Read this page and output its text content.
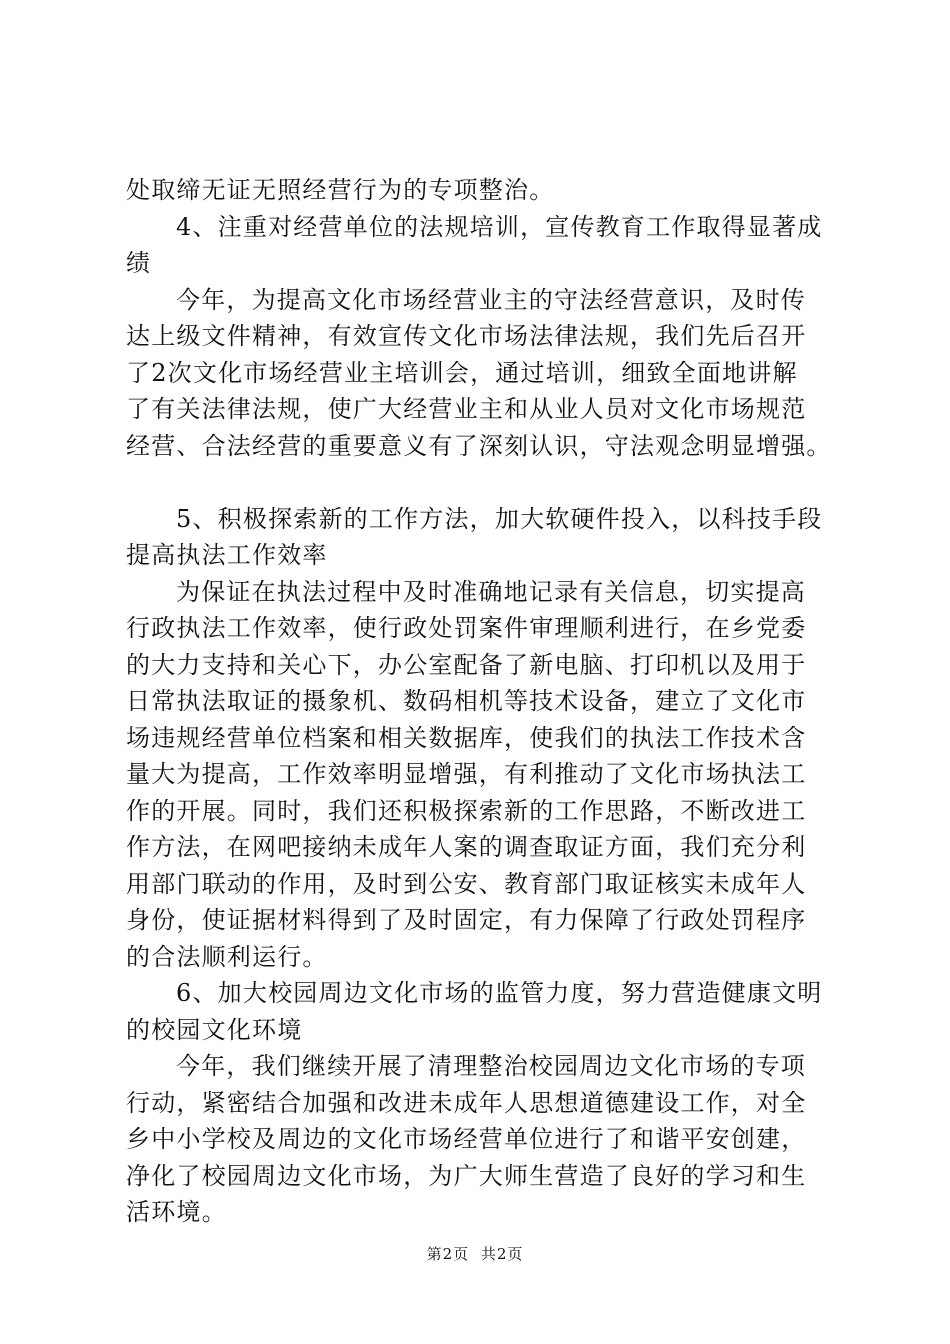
处取缔无证无照经营行为的专项整治。
4、注重对经营单位的法规培训，宣传教育工作取得显著成
绩
今年，为提高文化市场经营业主的守法经营意识，及时传
达上级文件精神，有效宣传文化市场法律法规，我们先后召开
了2次文化市场经营业主培训会，通过培训，细致全面地讲解
了有关法律法规，使广大经营业主和从业人员对文化市场规范
经营、合法经营的重要意义有了深刻认识，守法观念明显增强。
5、积极探索新的工作方法，加大软硬件投入，以科技手段
提高执法工作效率
为保证在执法过程中及时准确地记录有关信息，切实提高
行政执法工作效率，使行政处罚案件审理顺利进行，在乡党委
的大力支持和关心下，办公室配备了新电脑、打印机以及用于
日常执法取证的摄象机、数码相机等技术设备，建立了文化市
场违规经营单位档案和相关数据库，使我们的执法工作技术含
量大为提高，工作效率明显增强，有利推动了文化市场执法工
作的开展。同时，我们还积极探索新的工作思路，不断改进工
作方法，在网吧接纳未成年人案的调查取证方面，我们充分利
用部门联动的作用，及时到公安、教育部门取证核实未成年人
身份，使证据材料得到了及时固定，有力保障了行政处罚程序
的合法顺利运行。
6、加大校园周边文化市场的监管力度，努力营造健康文明
的校园文化环境
今年，我们继续开展了清理整治校园周边文化市场的专项
行动，紧密结合加强和改进未成年人思想道德建设工作，对全
乡中小学校及周边的文化市场经营单位进行了和谐平安创建，
净化了校园周边文化市场，为广大师生营造了良好的学习和生
活环境。
第2页 共2页
